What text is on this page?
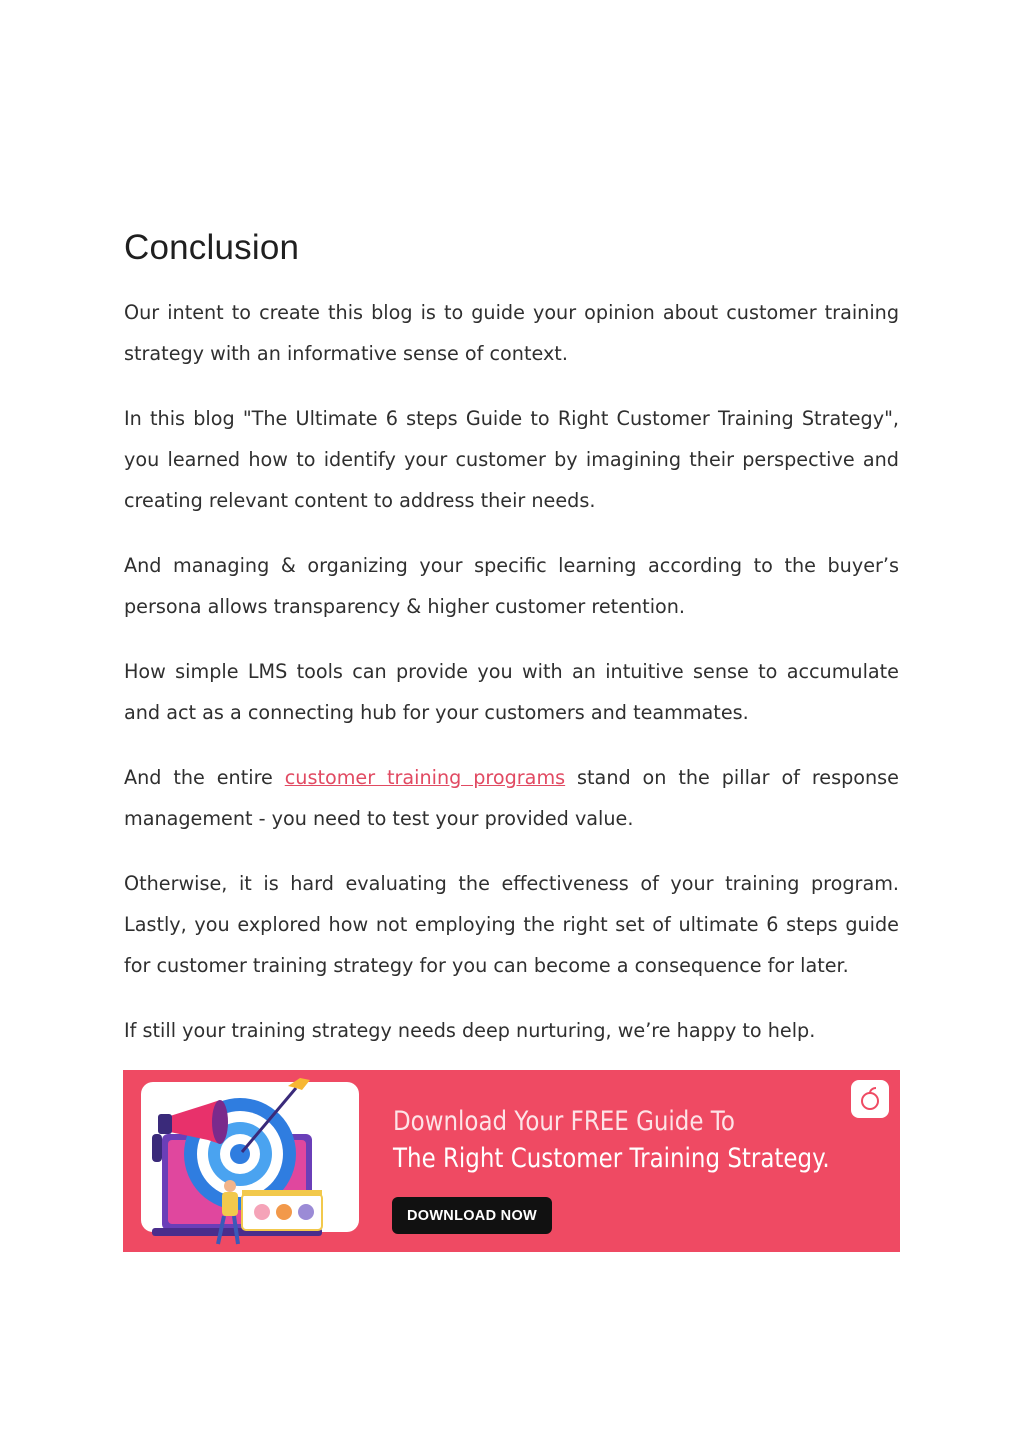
Conclusion

Our intent to create this blog is to guide your opinion about customer training strategy with an informative sense of context.

In this blog "The Ultimate 6 steps Guide to Right Customer Training Strategy", you learned how to identify your customer by imagining their perspective and creating relevant content to address their needs.

And managing & organizing your specific learning according to the buyer’s persona allows transparency & higher customer retention.

How simple LMS tools can provide you with an intuitive sense to accumulate and act as a connecting hub for your customers and teammates.

And the entire customer training programs stand on the pillar of response management - you need to test your provided value.

Otherwise, it is hard evaluating the effectiveness of your training program. Lastly, you explored how not employing the right set of ultimate 6 steps guide for customer training strategy for you can become a consequence for later.

If still your training strategy needs deep nurturing, we’re happy to help.

Download Your FREE Guide To
The Right Customer Training Strategy.
DOWNLOAD NOW
